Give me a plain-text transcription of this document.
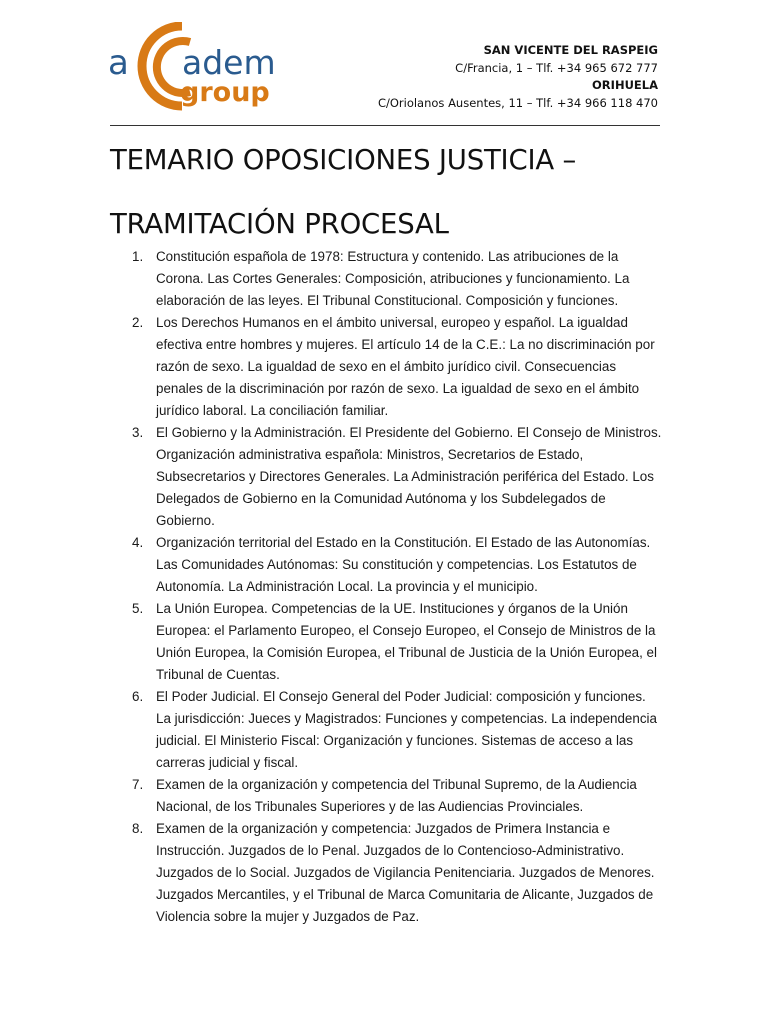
a adem
group
SAN VICENTE DEL RASPEIG
C/Francia, 1 – Tlf. +34 965 672 777
ORIHUELA
C/Oriolanos Ausentes, 11 – Tlf. +34 966 118 470
TEMARIO OPOSICIONES JUSTICIA –
TRAMITACIÓN PROCESAL
1. Constitución española de 1978: Estructura y contenido. Las atribuciones de la Corona. Las Cortes Generales: Composición, atribuciones y funcionamiento. La elaboración de las leyes. El Tribunal Constitucional. Composición y funciones.
2. Los Derechos Humanos en el ámbito universal, europeo y español. La igualdad efectiva entre hombres y mujeres. El artículo 14 de la C.E.: La no discriminación por razón de sexo. La igualdad de sexo en el ámbito jurídico civil. Consecuencias penales de la discriminación por razón de sexo. La igualdad de sexo en el ámbito jurídico laboral. La conciliación familiar.
3. El Gobierno y la Administración. El Presidente del Gobierno. El Consejo de Ministros. Organización administrativa española: Ministros, Secretarios de Estado, Subsecretarios y Directores Generales. La Administración periférica del Estado. Los Delegados de Gobierno en la Comunidad Autónoma y los Subdelegados de Gobierno.
4. Organización territorial del Estado en la Constitución. El Estado de las Autonomías. Las Comunidades Autónomas: Su constitución y competencias. Los Estatutos de Autonomía. La Administración Local. La provincia y el municipio.
5. La Unión Europea. Competencias de la UE. Instituciones y órganos de la Unión Europea: el Parlamento Europeo, el Consejo Europeo, el Consejo de Ministros de la Unión Europea, la Comisión Europea, el Tribunal de Justicia de la Unión Europea, el Tribunal de Cuentas.
6. El Poder Judicial. El Consejo General del Poder Judicial: composición y funciones. La jurisdicción: Jueces y Magistrados: Funciones y competencias. La independencia judicial. El Ministerio Fiscal: Organización y funciones. Sistemas de acceso a las carreras judicial y fiscal.
7. Examen de la organización y competencia del Tribunal Supremo, de la Audiencia Nacional, de los Tribunales Superiores y de las Audiencias Provinciales.
8. Examen de la organización y competencia: Juzgados de Primera Instancia e Instrucción. Juzgados de lo Penal. Juzgados de lo Contencioso-Administrativo. Juzgados de lo Social. Juzgados de Vigilancia Penitenciaria. Juzgados de Menores. Juzgados Mercantiles, y el Tribunal de Marca Comunitaria de Alicante, Juzgados de Violencia sobre la mujer y Juzgados de Paz.
